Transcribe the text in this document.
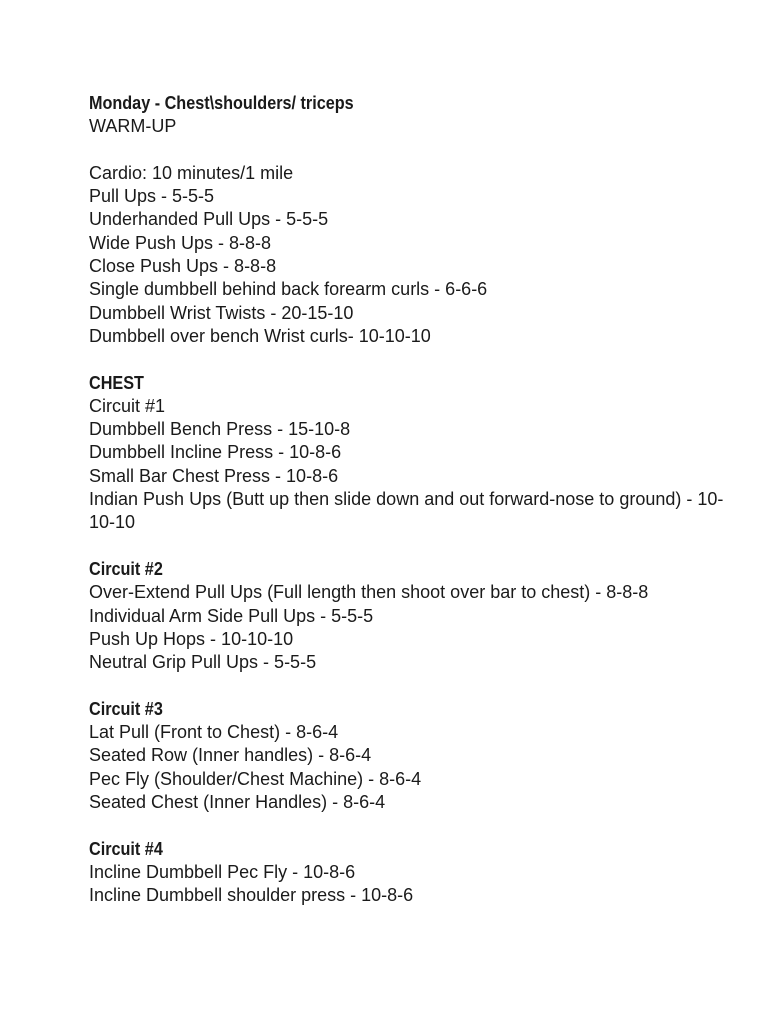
Monday - Chest\shoulders/ triceps
WARM-UP
Cardio: 10 minutes/1 mile
Pull Ups - 5-5-5
Underhanded Pull Ups - 5-5-5
Wide Push Ups - 8-8-8
Close Push Ups - 8-8-8
Single dumbbell behind back forearm curls - 6-6-6
Dumbbell Wrist Twists - 20-15-10
Dumbbell over bench Wrist curls- 10-10-10
CHEST
Circuit #1
Dumbbell Bench Press - 15-10-8
Dumbbell Incline Press - 10-8-6
Small Bar Chest Press - 10-8-6
Indian Push Ups (Butt up then slide down and out forward-nose to ground) - 10-10-10
Circuit #2
Over-Extend Pull Ups (Full length then shoot over bar to chest) - 8-8-8
Individual Arm Side Pull Ups - 5-5-5
Push Up Hops - 10-10-10
Neutral Grip Pull Ups - 5-5-5
Circuit #3
Lat Pull (Front to Chest) - 8-6-4
Seated Row (Inner handles) - 8-6-4
Pec Fly (Shoulder/Chest Machine) - 8-6-4
Seated Chest (Inner Handles) - 8-6-4
Circuit #4
Incline Dumbbell Pec Fly - 10-8-6
Incline Dumbbell shoulder press - 10-8-6
